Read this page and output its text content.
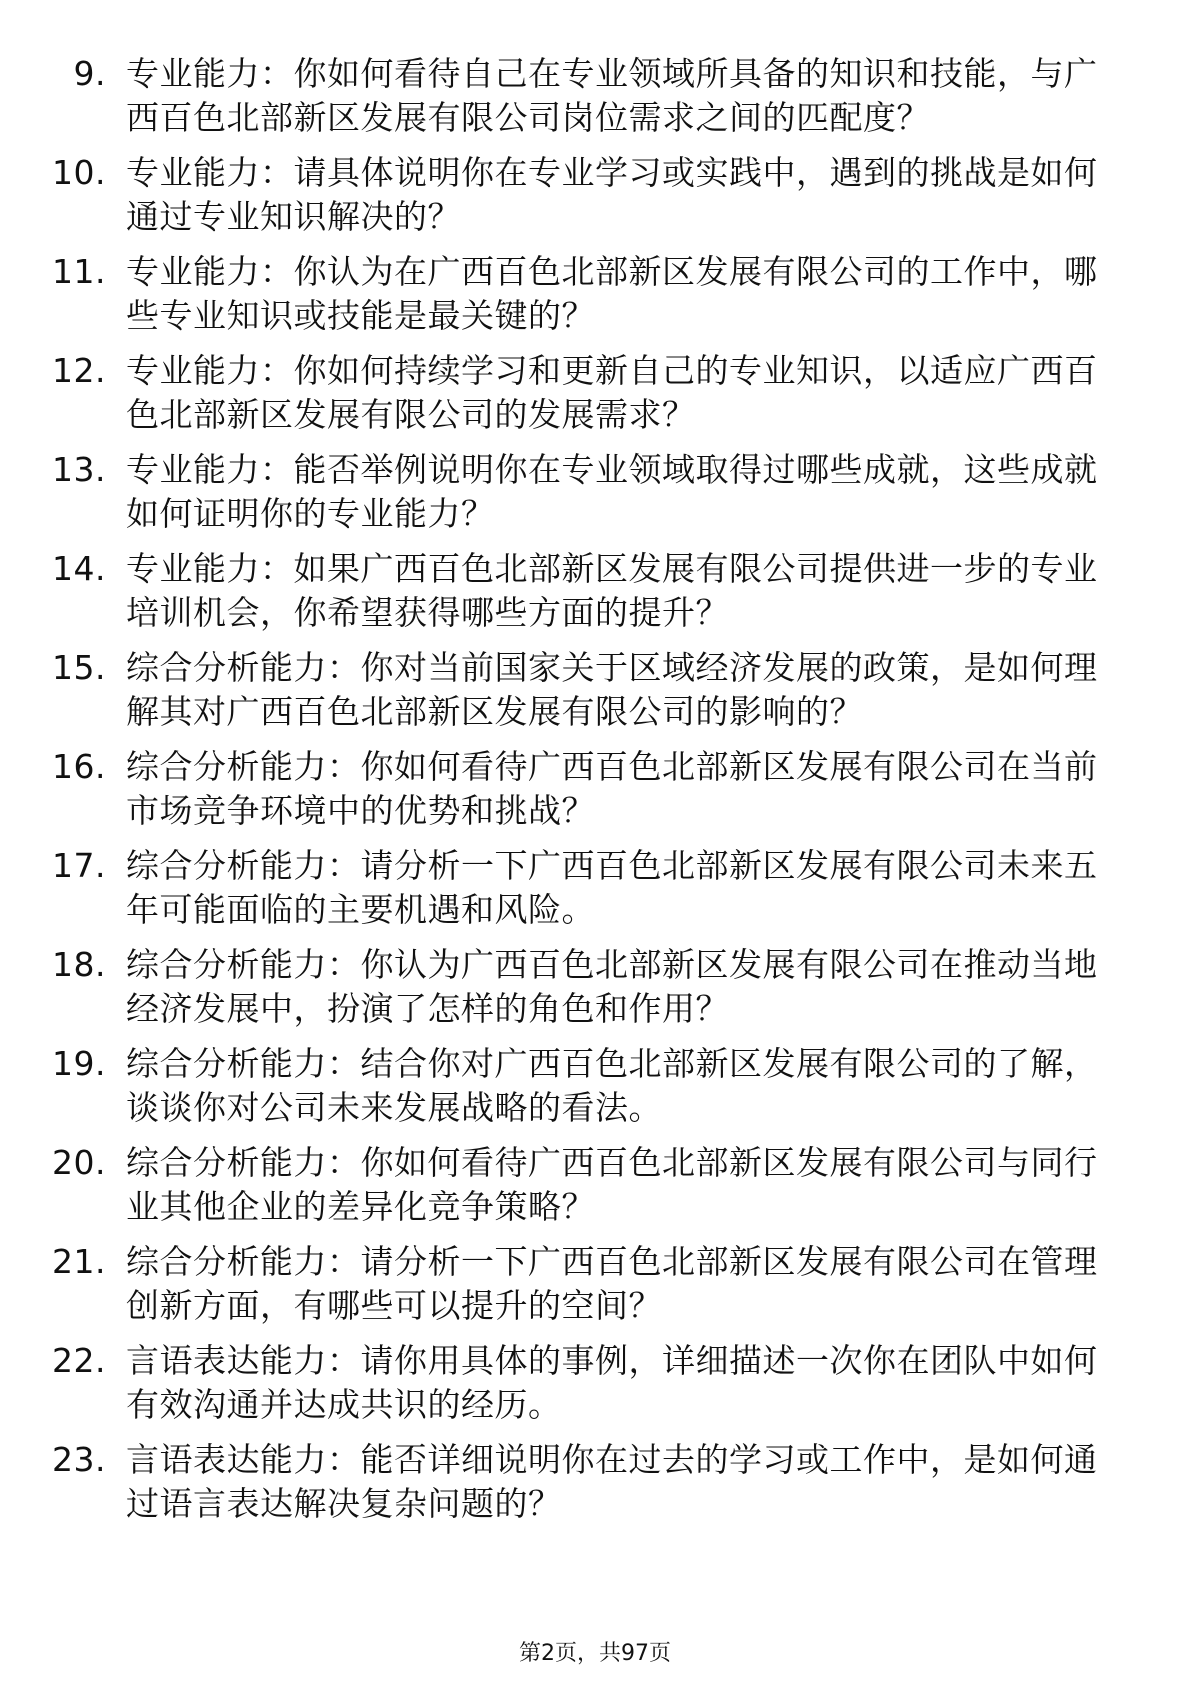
9. 专业能力：你如何看待自己在专业领域所具备的知识和技能，与广西百色北部新区发展有限公司岗位需求之间的匹配度？
10. 专业能力：请具体说明你在专业学习或实践中，遇到的挑战是如何通过专业知识解决的？
11. 专业能力：你认为在广西百色北部新区发展有限公司的工作中，哪些专业知识或技能是最关键的？
12. 专业能力：你如何持续学习和更新自己的专业知识，以适应广西百色北部新区发展有限公司的发展需求？
13. 专业能力：能否举例说明你在专业领域取得过哪些成就，这些成就如何证明你的专业能力？
14. 专业能力：如果广西百色北部新区发展有限公司提供进一步的专业培训机会，你希望获得哪些方面的提升？
15. 综合分析能力：你对当前国家关于区域经济发展的政策，是如何理解其对广西百色北部新区发展有限公司的影响的？
16. 综合分析能力：你如何看待广西百色北部新区发展有限公司在当前市场竞争环境中的优势和挑战？
17. 综合分析能力：请分析一下广西百色北部新区发展有限公司未来五年可能面临的主要机遇和风险。
18. 综合分析能力：你认为广西百色北部新区发展有限公司在推动当地经济发展中，扮演了怎样的角色和作用？
19. 综合分析能力：结合你对广西百色北部新区发展有限公司的了解，谈谈你对公司未来发展战略的看法。
20. 综合分析能力：你如何看待广西百色北部新区发展有限公司与同行业其他企业的差异化竞争策略？
21. 综合分析能力：请分析一下广西百色北部新区发展有限公司在管理创新方面，有哪些可以提升的空间？
22. 言语表达能力：请你用具体的事例，详细描述一次你在团队中如何有效沟通并达成共识的经历。
23. 言语表达能力：能否详细说明你在过去的学习或工作中，是如何通过语言表达解决复杂问题的？
第2页，共97页
